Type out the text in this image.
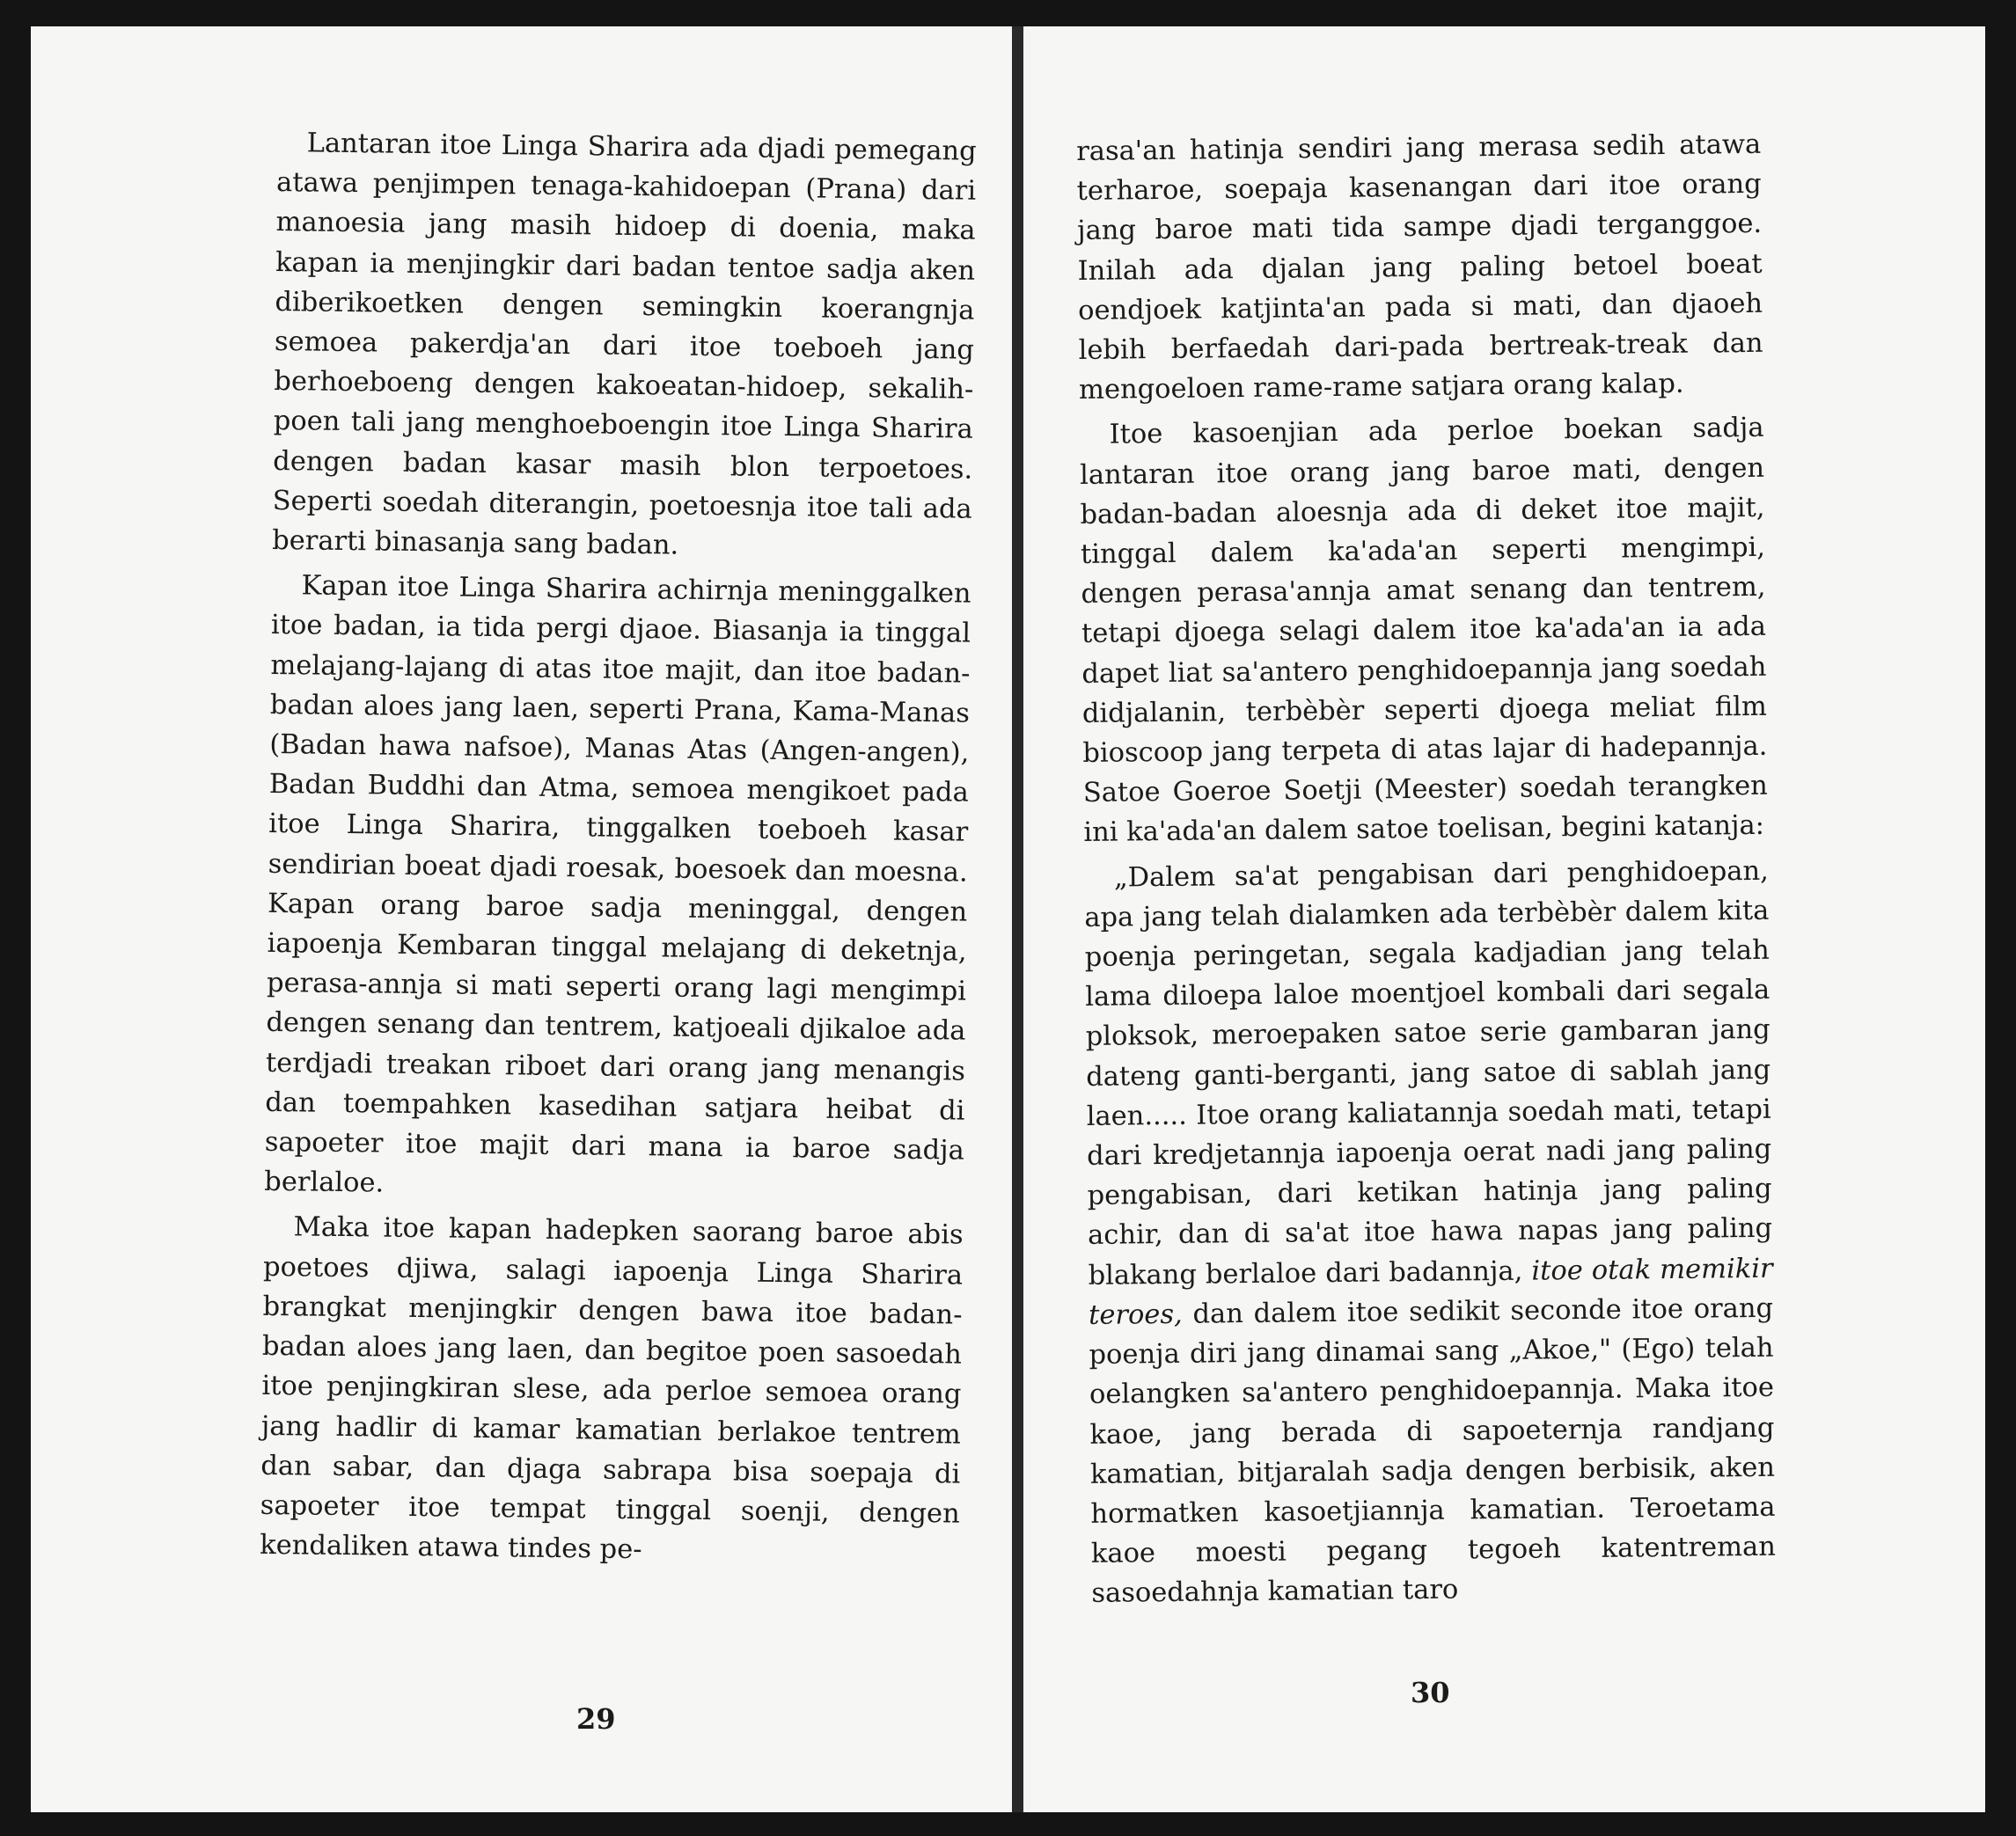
Lantaran itoe Linga Sharira ada djadi pemegang atawa penjimpen tenaga-kahidoepan (Prana) dari manoesia jang masih hidoep di doenia, maka kapan ia menjingkir dari badan tentoe sadja aken diberikoetken dengen semingkin koerangnja semoea pakerdja'an dari itoe toeboeh jang berhoeboeng dengen kakoeatan-hidoep, sekalih-poen tali jang menghoeboengin itoe Linga Sharira dengen badan kasar masih blon terpoetoes. Seperti soedah diterangin, poetoesnja itoe tali ada berarti binasanja sang badan.

Kapan itoe Linga Sharira achirnja meninggalken itoe badan, ia tida pergi djaoe. Biasanja ia tinggal melajang-lajang di atas itoe majit, dan itoe badan-badan aloes jang laen, seperti Prana, Kama-Manas (Badan hawa nafsoe), Manas Atas (Angen-angen), Badan Buddhi dan Atma, semoea mengikoet pada itoe Linga Sharira, tinggalken toeboeh kasar sendirian boeat djadi roesak, boesoek dan moesna. Kapan orang baroe sadja meninggal, dengen iapoenja Kembaran tinggal melajang di deketnja, perasa-annja si mati seperti orang lagi mengimpi dengen senang dan tentrem, katjoeali djikaloe ada terdjadi treakan riboet dari orang jang menangis dan toempahken kasedihan satjara heibat di sapoeter itoe majit dari mana ia baroe sadja berlaloe.

Maka itoe kapan hadepken saorang baroe abis poetoes djiwa, salagi iapoenja Linga Sharira brangkat menjingkir dengen bawa itoe badan-badan aloes jang laen, dan begitoe poen sasoedah itoe penjingkiran slese, ada perloe semoea orang jang hadlir di kamar kamatian berlakoe tentrem dan sabar, dan djaga sabrapa bisa soepaja di sapoeter itoe tempat tinggal soenji, dengen kendaliken atawa tindes pe-

29

rasa'an hatinja sendiri jang merasa sedih atawa terharoe, soepaja kasenangan dari itoe orang jang baroe mati tida sampe djadi terganggoe. Inilah ada djalan jang paling betoel boeat oendjoek katjinta'an pada si mati, dan djaoeh lebih berfaedah dari-pada bertreak-treak dan mengoeloen rame-rame satjara orang kalap.

Itoe kasoenjian ada perloe boekan sadja lantaran itoe orang jang baroe mati, dengen badan-badan aloesnja ada di deket itoe majit, tinggal dalem ka'ada'an seperti mengimpi, dengen perasa'annja amat senang dan tentrem, tetapi djoega selagi dalem itoe ka'ada'an ia ada dapet liat sa'antero penghidoepannja jang soedah didjalanin, terbèbèr seperti djoega meliat film bioscoop jang terpeta di atas lajar di hadepannja. Satoe Goeroe Soetji (Meester) soedah terangken ini ka'ada'an dalem satoe toelisan, begini katanja:

„Dalem sa'at pengabisan dari penghidoepan, apa jang telah dialamken ada terbèbèr dalem kita poenja peringetan, segala kadjadian jang telah lama diloepa laloe moentjoel kombali dari segala ploksok, meroepaken satoe serie gambaran jang dateng ganti-berganti, jang satoe di sablah jang laen..... Itoe orang kaliatannja soedah mati, tetapi dari kredjetannja iapoenja oerat nadi jang paling pengabisan, dari ketikan hatinja jang paling achir, dan di sa'at itoe hawa napas jang paling blakang berlaloe dari badannja, itoe otak memikir teroes, dan dalem itoe sedikit seconde itoe orang poenja diri jang dinamai sang „Akoe," (Ego) telah oelangken sa'antero penghidoepannja. Maka itoe kaoe, jang berada di sapoeternja randjang kamatian, bitjaralah sadja dengen berbisik, aken hormatken kasoetjiannja kamatian. Teroetama kaoe moesti pegang tegoeh katentreman sasoedahnja kamatian taro

30
